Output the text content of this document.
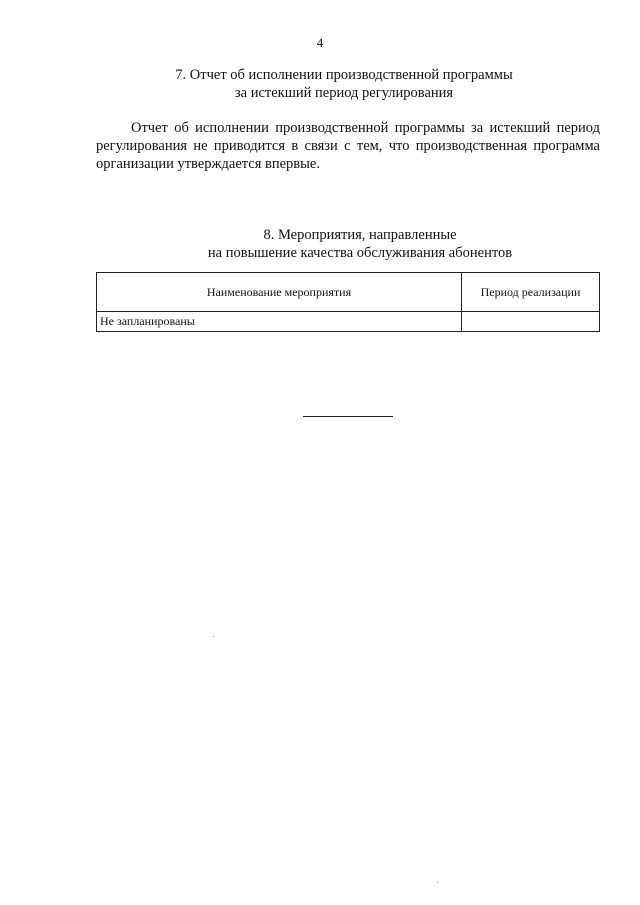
4
7. Отчет об исполнении производственной программы
за истекший период регулирования

Отчет об исполнении производственной программы за истекший период регулирования не приводится в связи с тем, что производственная программа организации утверждается впервые.

8. Мероприятия, направленные
на повышение качества обслуживания абонентов
Наименование мероприятия	Период реализации
Не запланированы	
